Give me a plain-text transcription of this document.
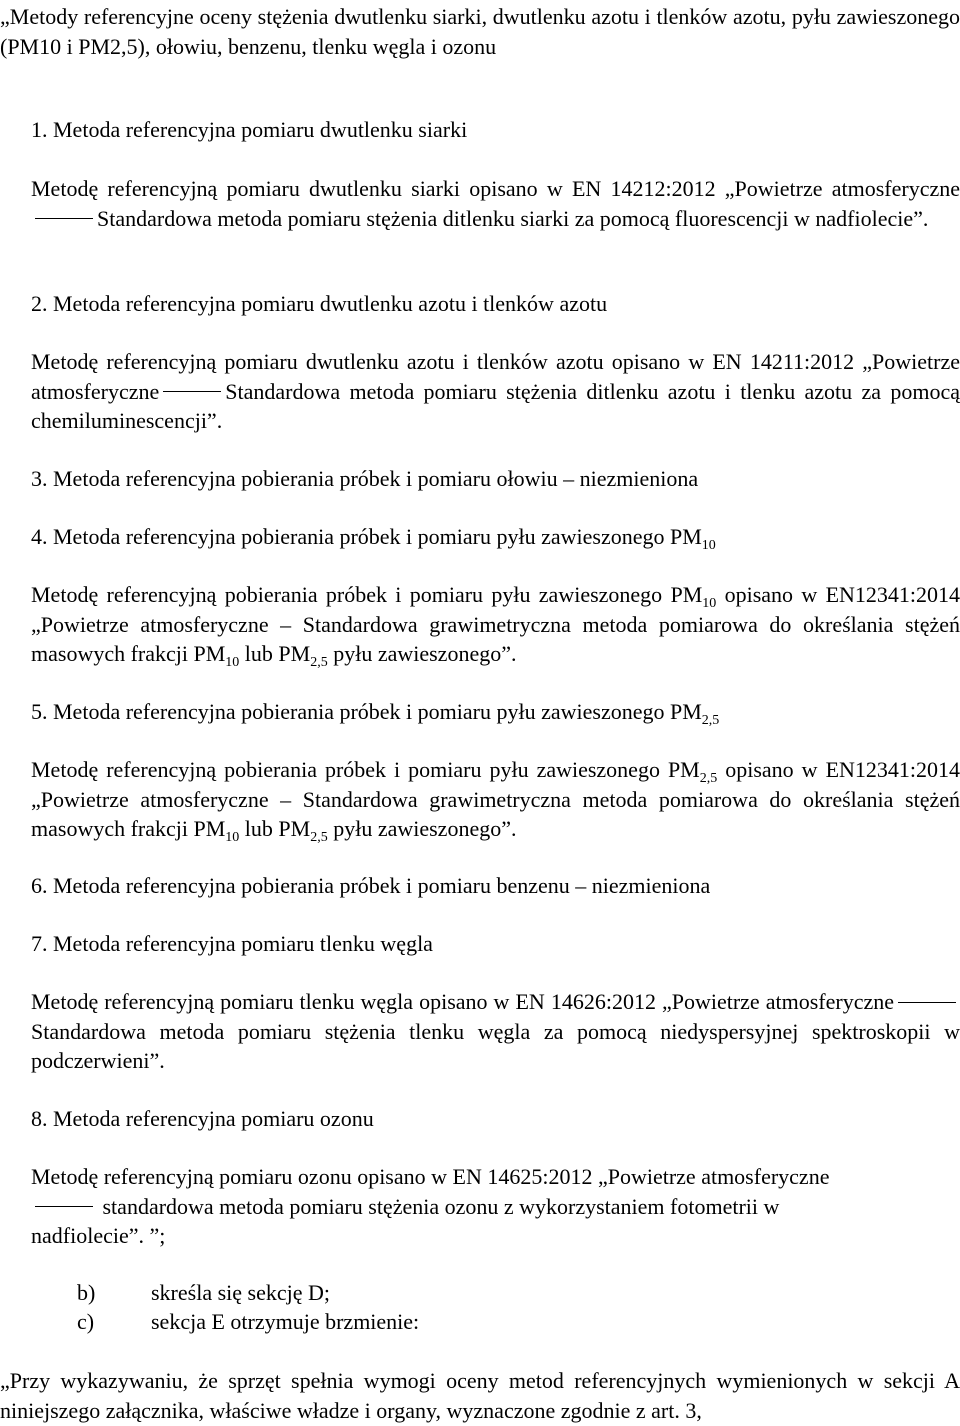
„Metody referencyjne oceny stężenia dwutlenku siarki, dwutlenku azotu i tlenków azotu, pyłu zawieszonego (PM10 i PM2,5), ołowiu, benzenu, tlenku węgla i ozonu

1. Metoda referencyjna pomiaru dwutlenku siarki

Metodę referencyjną pomiaru dwutlenku siarki opisano w EN 14212:2012 „Powietrze atmosferyczneStandardowa metoda pomiaru stężenia ditlenku siarki za pomocą fluorescencji w nadfiolecie”.

2. Metoda referencyjna pomiaru dwutlenku azotu i tlenków azotu

Metodę referencyjną pomiaru dwutlenku azotu i tlenków azotu opisano w EN 14211:2012 „Powietrze atmosferyczne	Standardowa metoda pomiaru stężenia ditlenku azotu i tlenku azotu za pomocą chemiluminescencji”.

3. Metoda referencyjna pobierania próbek i pomiaru ołowiu – niezmieniona

4. Metoda referencyjna pobierania próbek i pomiaru pyłu zawieszonego $PM_{10}$

Metodę referencyjną pobierania próbek i pomiaru pyłu zawieszonego $PM_{10}$ opisano w EN12341:2014 „Powietrze atmosferyczne – Standardowa grawimetryczna metoda pomiarowa do określania stężeń masowych frakcji $PM_{10}$ lub $PM_{2,5}$ pyłu zawieszonego”.

5. Metoda referencyjna pobierania próbek i pomiaru pyłu zawieszonego $PM_{2,5}$

Metodę referencyjną pobierania próbek i pomiaru pyłu zawieszonego $PM_{2,5}$ opisano w EN12341:2014 „Powietrze atmosferyczne – Standardowa grawimetryczna metoda pomiarowa do określania stężeń masowych frakcji $PM_{10}$ lub $PM_{2,5}$ pyłu zawieszonego”.

6. Metoda referencyjna pobierania próbek i pomiaru benzenu – niezmieniona

7. Metoda referencyjna pomiaru tlenku węgla

Metodę referencyjną pomiaru tlenku węgla opisano w EN 14626:2012 „Powietrze atmosferyczneStandardowa metoda pomiaru stężenia tlenku węgla za pomocą niedyspersyjnej spektroskopii w podczerwieni”.

8. Metoda referencyjna pomiaru ozonu

Metodę referencyjną pomiaru ozonu opisano w EN 14625:2012 „Powietrze atmosferyczne  standardowa metoda pomiaru stężenia ozonu z wykorzystaniem fotometrii w nadfiolecie”. ”;

b)	skreśla się sekcję D;
c)	sekcja E otrzymuje brzmienie:

„Przy wykazywaniu, że sprzęt spełnia wymogi oceny metod referencyjnych wymienionych w sekcji A niniejszego załącznika, właściwe władze i organy, wyznaczone zgodnie z art. 3,
